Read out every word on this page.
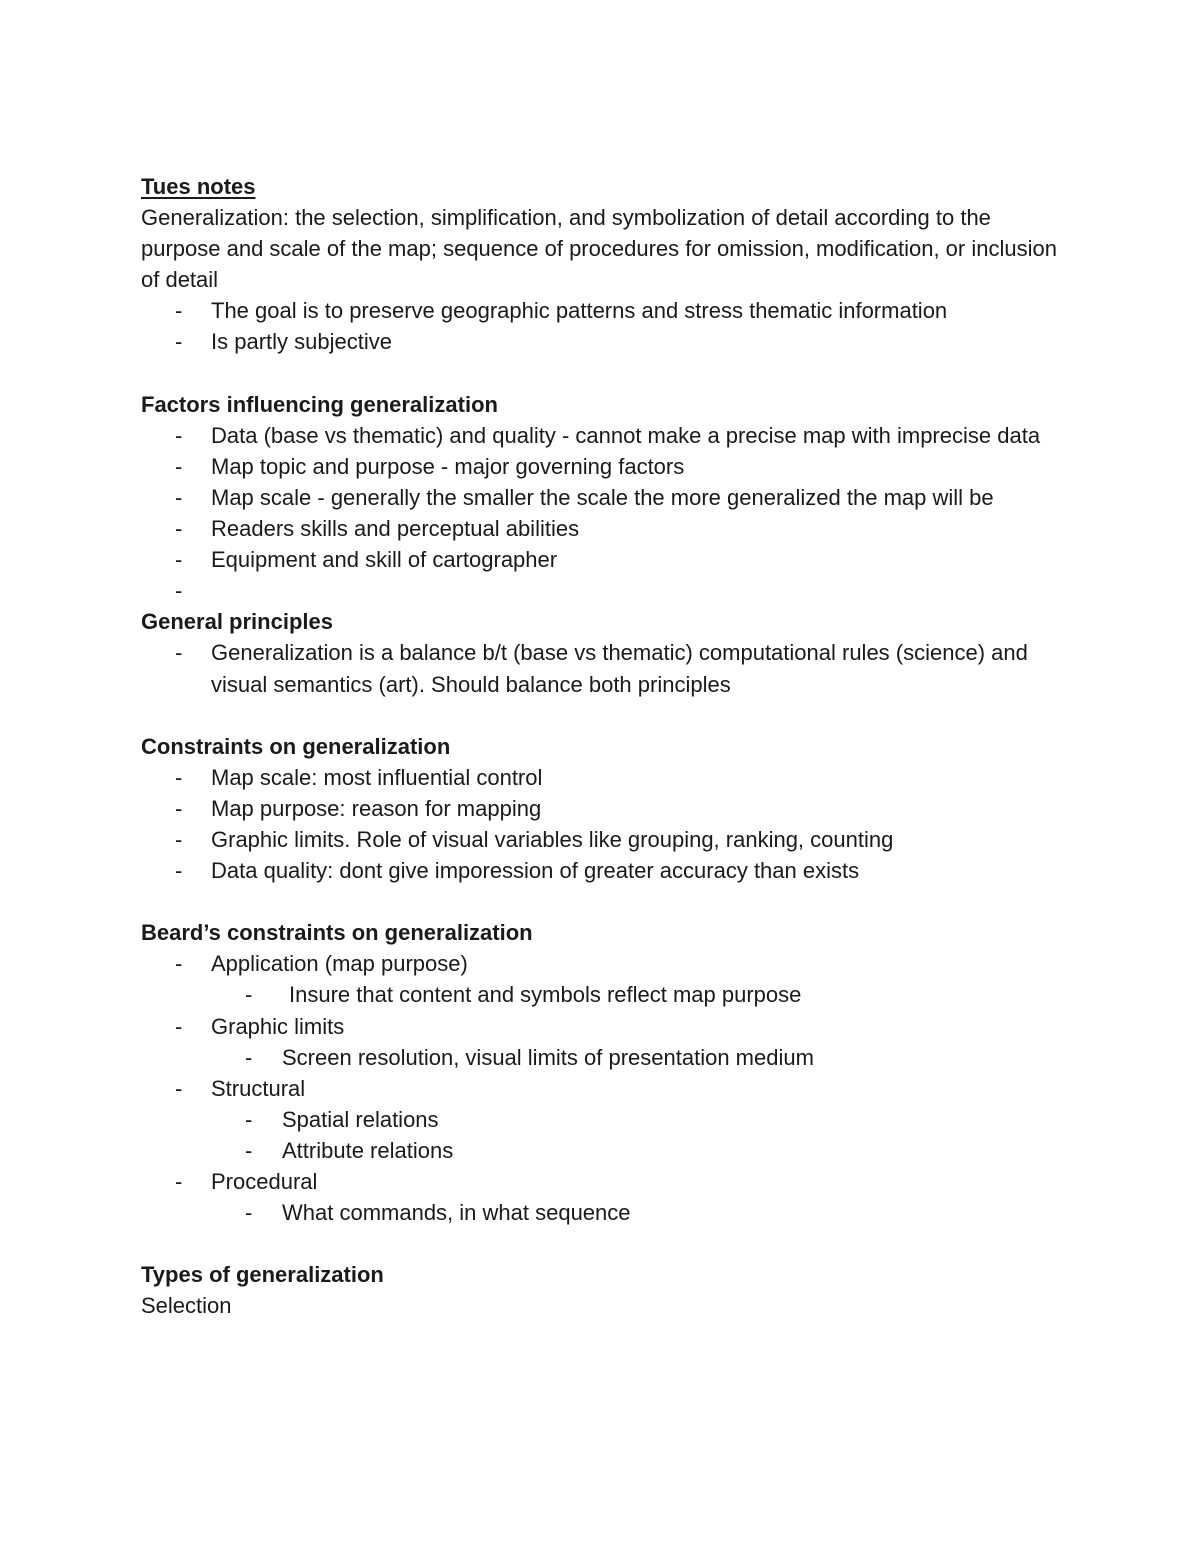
Tues notes

Generalization: the selection, simplification, and symbolization of detail according to the purpose and scale of the map; sequence of procedures for omission, modification, or inclusion of detail

- The goal is to preserve geographic patterns and stress thematic information
- Is partly subjective
Factors influencing generalization
- Data (base vs thematic) and quality - cannot make a precise map with imprecise data
- Map topic and purpose - major governing factors
- Map scale - generally the smaller the scale the more generalized the map will be
- Readers skills and perceptual abilities
- Equipment and skill of cartographer
-
General principles
- Generalization is a balance b/t (base vs thematic) computational rules (science) and visual semantics (art). Should balance both principles
Constraints on generalization
- Map scale: most influential control
- Map purpose: reason for mapping
- Graphic limits. Role of visual variables like grouping, ranking, counting
- Data quality: dont give imporession of greater accuracy than exists
Beard’s constraints on generalization
- Application (map purpose)
- Insure that content and symbols reflect map purpose
- Graphic limits
- Screen resolution, visual limits of presentation medium
- Structural
- Spatial relations
- Attribute relations
- Procedural
- What commands, in what sequence
Types of generalization

Selection
